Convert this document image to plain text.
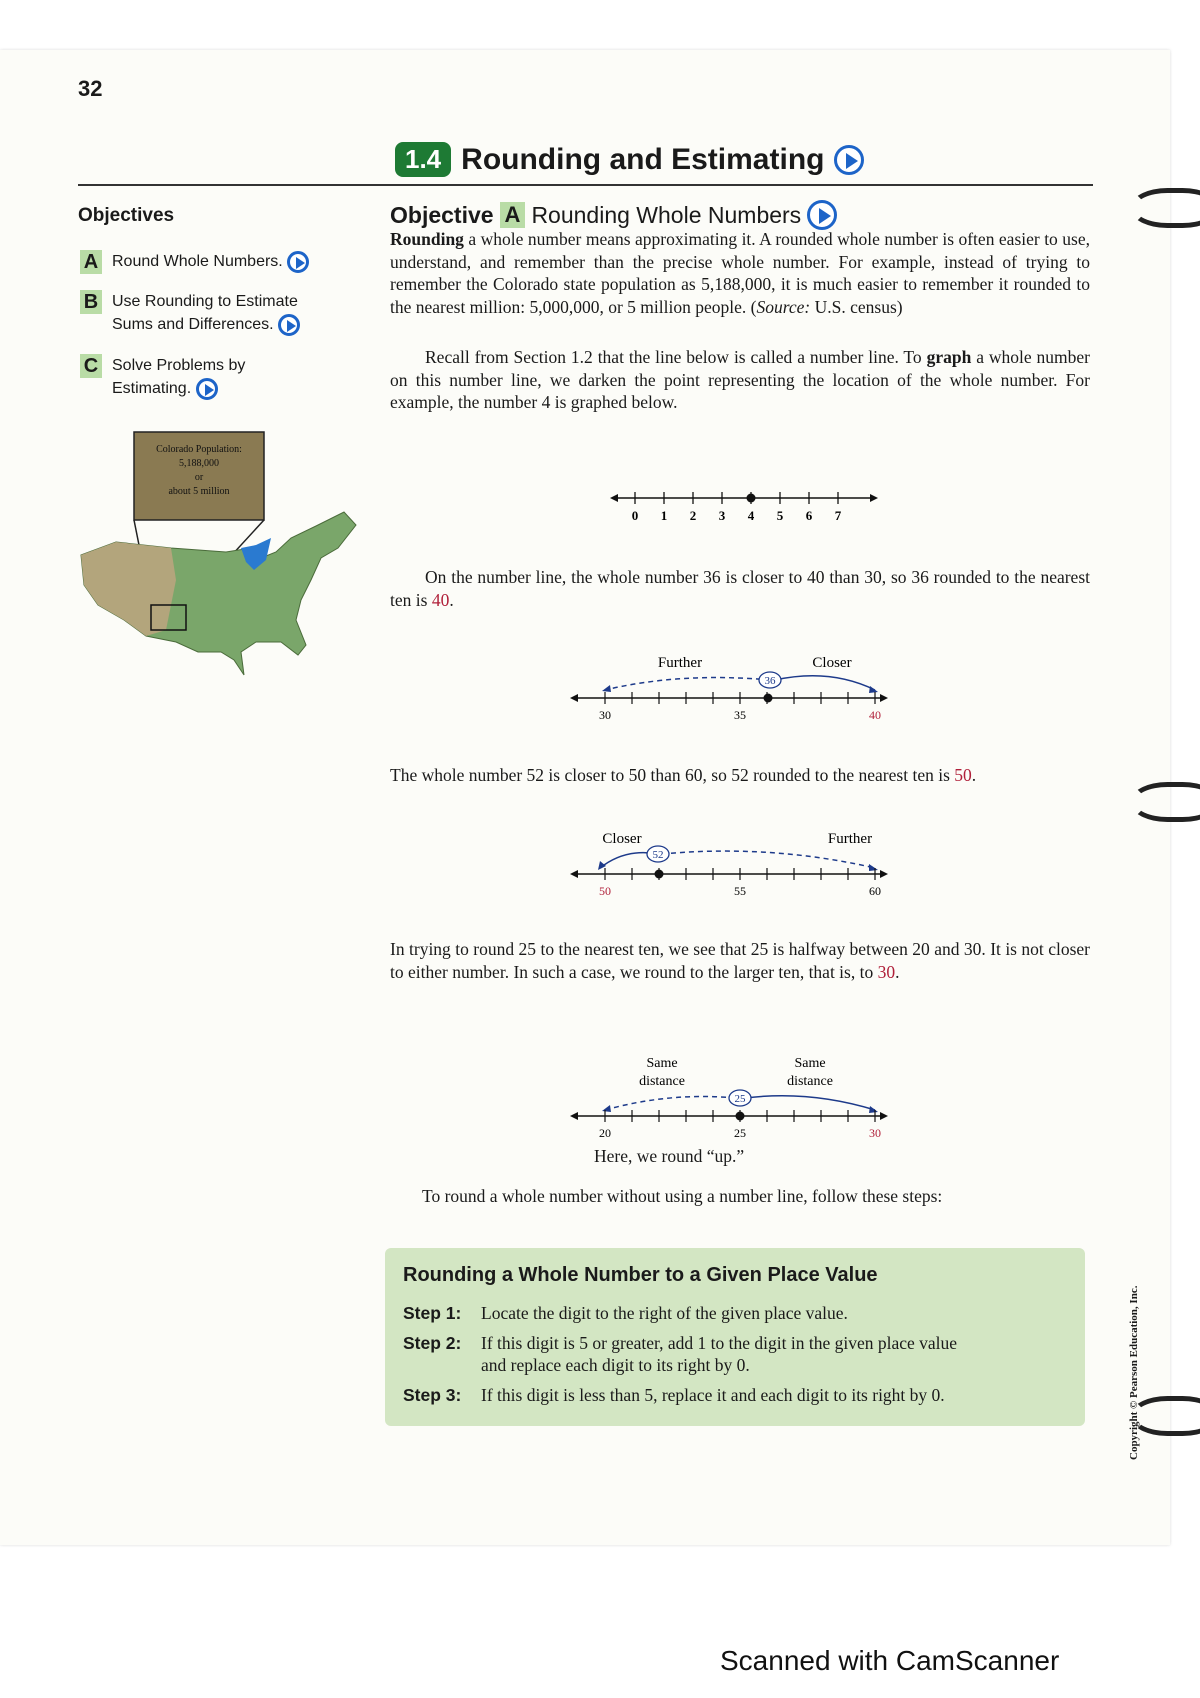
32
1.4 Rounding and Estimating
Objectives
A Round Whole Numbers.
B Use Rounding to Estimate
Sums and Differences.
C Solve Problems by
Estimating.
Colorado Population:
5,188,000
or
about 5 million
Objective A Rounding Whole Numbers

Rounding a whole number means approximating it. A rounded whole number is often easier to use, understand, and remember than the precise whole number. For example, instead of trying to remember the Colorado state population as 5,188,000, it is much easier to remember it rounded to the nearest million: 5,000,000, or 5 million people. (Source: U.S. census)

Recall from Section 1.2 that the line below is called a number line. To graph a whole number on this number line, we darken the point representing the location of the whole number. For example, the number 4 is graphed below.

0 1 2 3 4 5 6 7

On the number line, the whole number 36 is closer to 40 than 30, so 36 rounded to the nearest ten is 40.

Further	Closer
36
30	35	40

The whole number 52 is closer to 50 than 60, so 52 rounded to the nearest ten is 50.

Closer	Further
52
50	55	60

In trying to round 25 to the nearest ten, we see that 25 is halfway between 20 and 30. It is not closer to either number. In such a case, we round to the larger ten, that is, to 30.

Same
distance
Same
distance
25
20	25	30
Here, we round “up.”
To round a whole number without using a number line, follow these steps:
Rounding a Whole Number to a Given Place Value
Step 1:	Locate the digit to the right of the given place value.
Step 2:	If this digit is 5 or greater, add 1 to the digit in the given place value
and replace each digit to its right by 0.
Step 3:	If this digit is less than 5, replace it and each digit to its right by 0.	Copyright © Pearson Education, Inc.
Scanned with CamScanner
